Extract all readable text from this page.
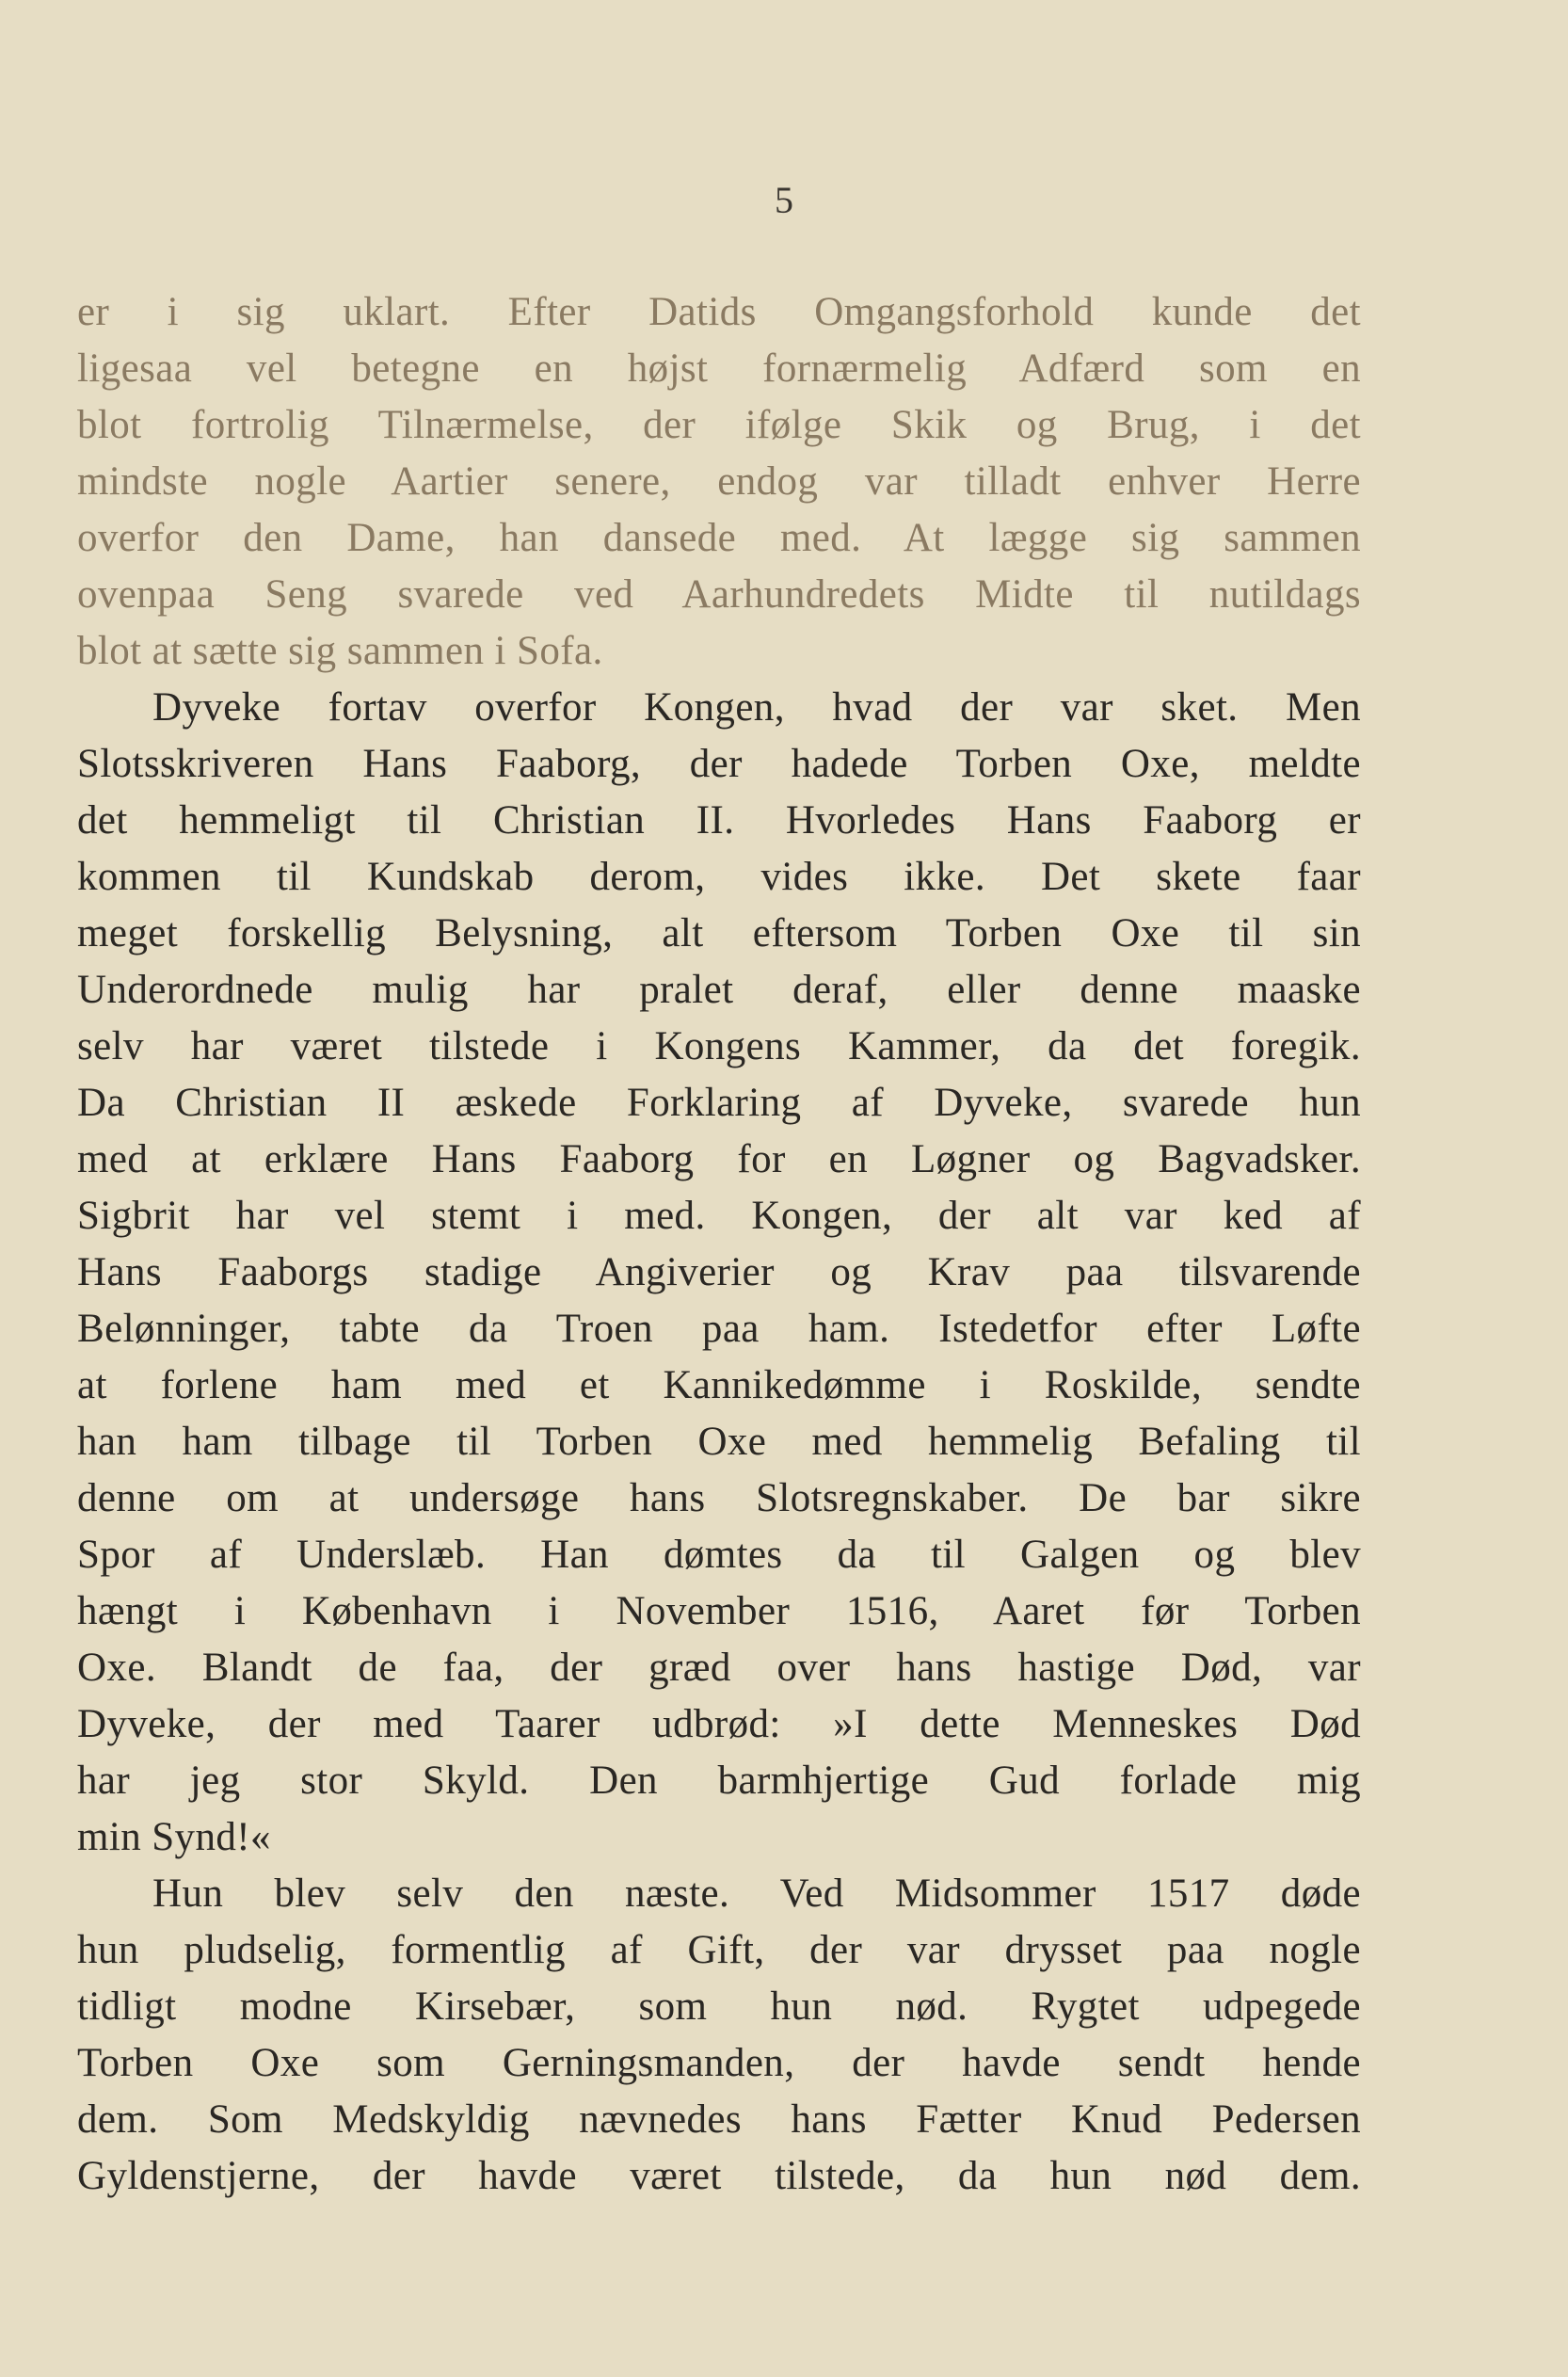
5
er i sig uklart. Efter Datids Omgangsforhold kunde det
ligesaa vel betegne en højst fornærmelig Adfærd som en
blot fortrolig Tilnærmelse, der ifølge Skik og Brug, i det
mindste nogle Aartier senere, endog var tilladt enhver Herre
overfor den Dame, han dansede med. At lægge sig sammen
ovenpaa Seng svarede ved Aarhundredets Midte til nutildags
blot at sætte sig sammen i Sofa.
Dyveke fortav overfor Kongen, hvad der var sket. Men
Slotsskriveren Hans Faaborg, der hadede Torben Oxe, meldte
det hemmeligt til Christian II. Hvorledes Hans Faaborg er
kommen til Kundskab derom, vides ikke. Det skete faar
meget forskellig Belysning, alt eftersom Torben Oxe til sin
Underordnede mulig har pralet deraf, eller denne maaske
selv har været tilstede i Kongens Kammer, da det foregik.
Da Christian II æskede Forklaring af Dyveke, svarede hun
med at erklære Hans Faaborg for en Løgner og Bagvadsker.
Sigbrit har vel stemt i med. Kongen, der alt var ked af
Hans Faaborgs stadige Angiverier og Krav paa tilsvarende
Belønninger, tabte da Troen paa ham. Istedetfor efter Løfte
at forlene ham med et Kannikedømme i Roskilde, sendte
han ham tilbage til Torben Oxe med hemmelig Befaling til
denne om at undersøge hans Slotsregnskaber. De bar sikre
Spor af Underslæb. Han dømtes da til Galgen og blev
hængt i København i November 1516, Aaret før Torben
Oxe. Blandt de faa, der græd over hans hastige Død, var
Dyveke, der med Taarer udbrød: »I dette Menneskes Død
har jeg stor Skyld. Den barmhjertige Gud forlade mig
min Synd!«
Hun blev selv den næste. Ved Midsommer 1517 døde
hun pludselig, formentlig af Gift, der var drysset paa nogle
tidligt modne Kirsebær, som hun nød. Rygtet udpegede
Torben Oxe som Gerningsmanden, der havde sendt hende
dem. Som Medskyldig nævnedes hans Fætter Knud Pedersen
Gyldenstjerne, der havde været tilstede, da hun nød dem.
